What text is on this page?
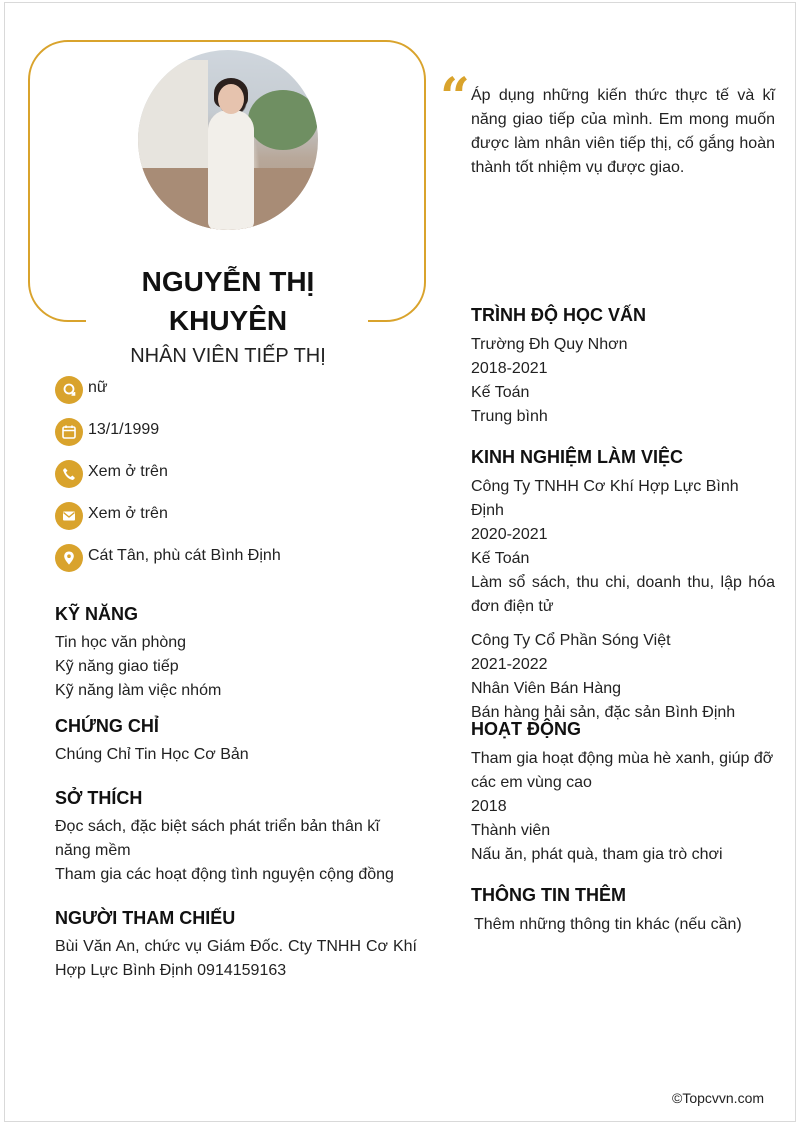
NGUYỄN THỊ KHUYÊN
NHÂN VIÊN TIẾP THỊ
nữ
13/1/1999
Xem ở trên
Xem ở trên
Cát Tân, phù cát Bình Định
KỸ NĂNG
Tin học văn phòng
Kỹ năng giao tiếp
Kỹ năng làm việc nhóm
CHỨNG CHỈ
Chúng Chỉ Tin Học Cơ Bản
SỞ THÍCH
Đọc sách, đặc biệt sách phát triển bản thân kĩ năng mềm
Tham gia các hoạt động tình nguyện cộng đồng
NGƯỜI THAM CHIẾU
Bùi Văn An, chức vụ Giám Đốc. Cty TNHH Cơ Khí Hợp Lực Bình Định 0914159163
“ Áp dụng những kiến thức thực tế và kĩ năng giao tiếp của mình. Em mong muốn được làm nhân viên tiếp thị, cố gắng hoàn thành tốt nhiệm vụ được giao.
TRÌNH ĐỘ HỌC VẤN
Trường Đh Quy Nhơn
2018-2021
Kế Toán
Trung bình
KINH NGHIỆM LÀM VIỆC
Công Ty TNHH Cơ Khí Hợp Lực Bình Định
2020-2021
Kế Toán
Làm sổ sách, thu chi, doanh thu, lập hóa đơn điện tử
Công Ty Cổ Phần Sóng Việt
2021-2022
Nhân Viên Bán Hàng
Bán hàng hải sản, đặc sản Bình Định
HOẠT ĐỘNG
Tham gia hoạt động mùa hè xanh, giúp đỡ các em vùng cao
2018
Thành viên
Nấu ăn, phát quà, tham gia trò chơi
THÔNG TIN THÊM
Thêm những thông tin khác (nếu cần)
©Topcvvn.com
